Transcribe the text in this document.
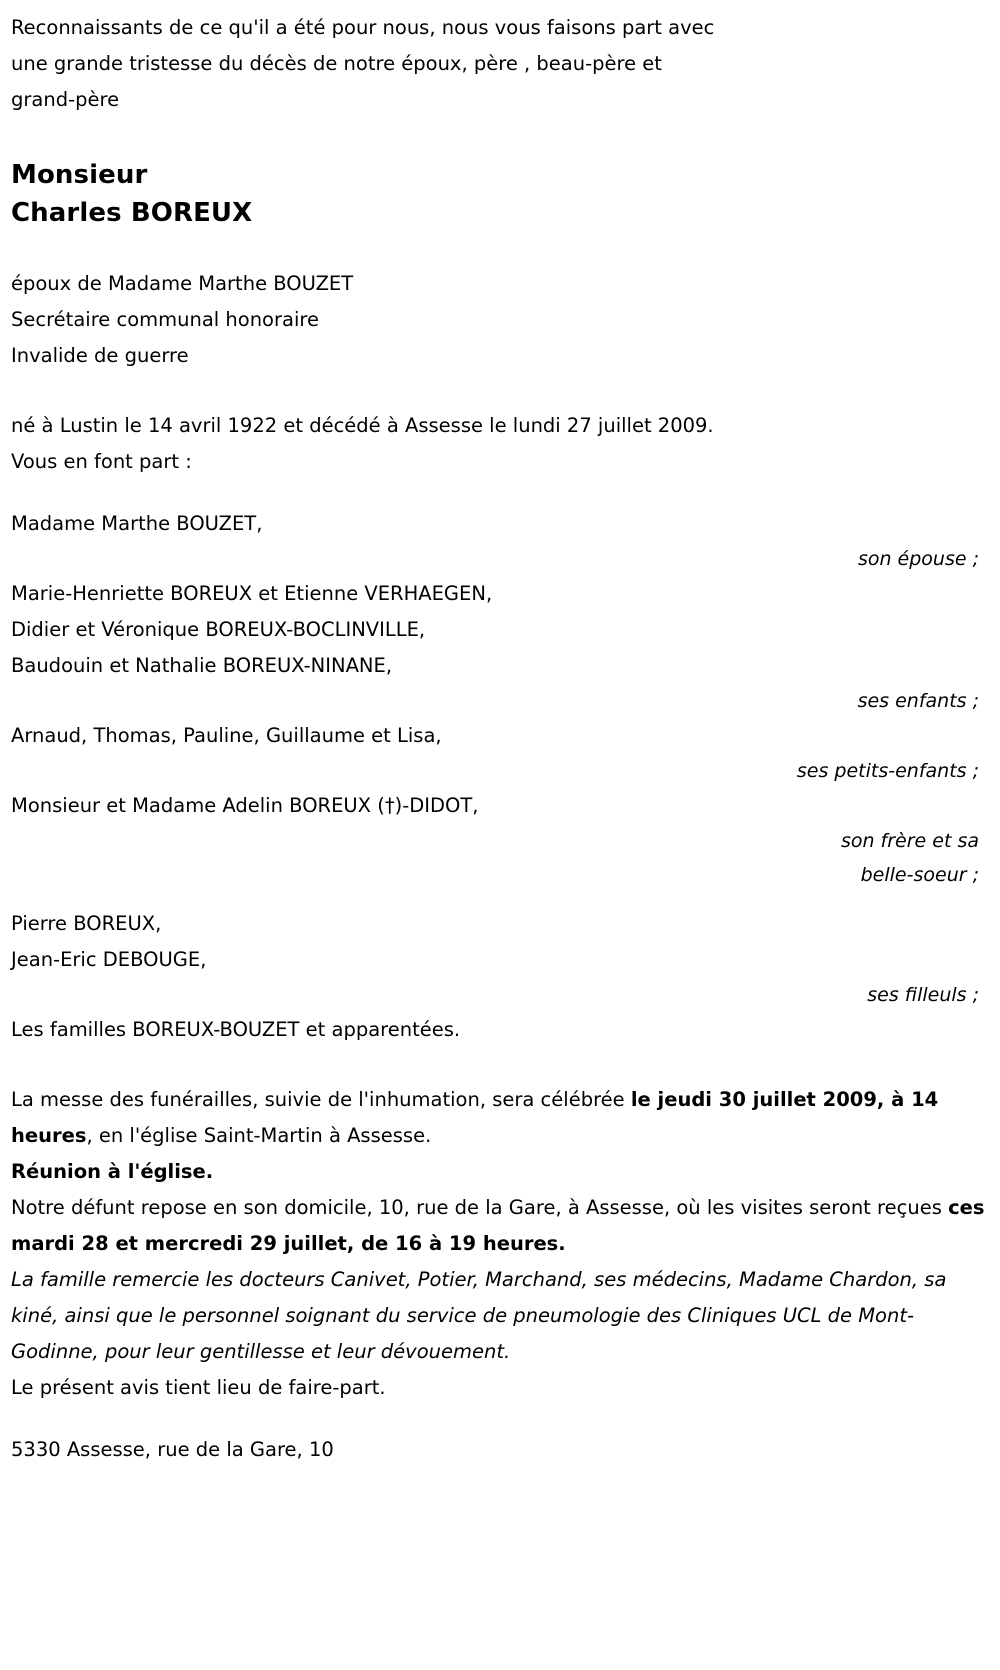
Reconnaissants de ce qu'il a été pour nous, nous vous faisons part avec
une grande tristesse du décès de notre époux, père , beau-père et
grand-père

Monsieur
Charles BOREUX

époux de Madame Marthe BOUZET
Secrétaire communal honoraire
Invalide de guerre

né à Lustin le 14 avril 1922 et décédé à Assesse le lundi 27 juillet 2009.
Vous en font part :

Madame Marthe BOUZET,
son épouse ;
Marie-Henriette BOREUX et Etienne VERHAEGEN,
Didier et Véronique BOREUX-BOCLINVILLE,
Baudouin et Nathalie BOREUX-NINANE,
ses enfants ;
Arnaud, Thomas, Pauline, Guillaume et Lisa,
ses petits-enfants ;
Monsieur et Madame Adelin BOREUX (†)-DIDOT,
son frère et sa
belle-soeur ;
Pierre BOREUX,
Jean-Eric DEBOUGE,
ses filleuls ;
Les familles BOREUX-BOUZET et apparentées.

La messe des funérailles, suivie de l'inhumation, sera célébrée le jeudi 30 juillet 2009, à 14 heures, en l'église Saint-Martin à Assesse.

Réunion à l'église.

Notre défunt repose en son domicile, 10, rue de la Gare, à Assesse, où les visites seront reçues ces mardi 28 et mercredi 29 juillet, de 16 à 19 heures.

La famille remercie les docteurs Canivet, Potier, Marchand, ses médecins, Madame Chardon, sa kiné, ainsi que le personnel soignant du service de pneumologie des Cliniques UCL de Mont-Godinne, pour leur gentillesse et leur dévouement.

Le présent avis tient lieu de faire-part.

5330 Assesse, rue de la Gare, 10
